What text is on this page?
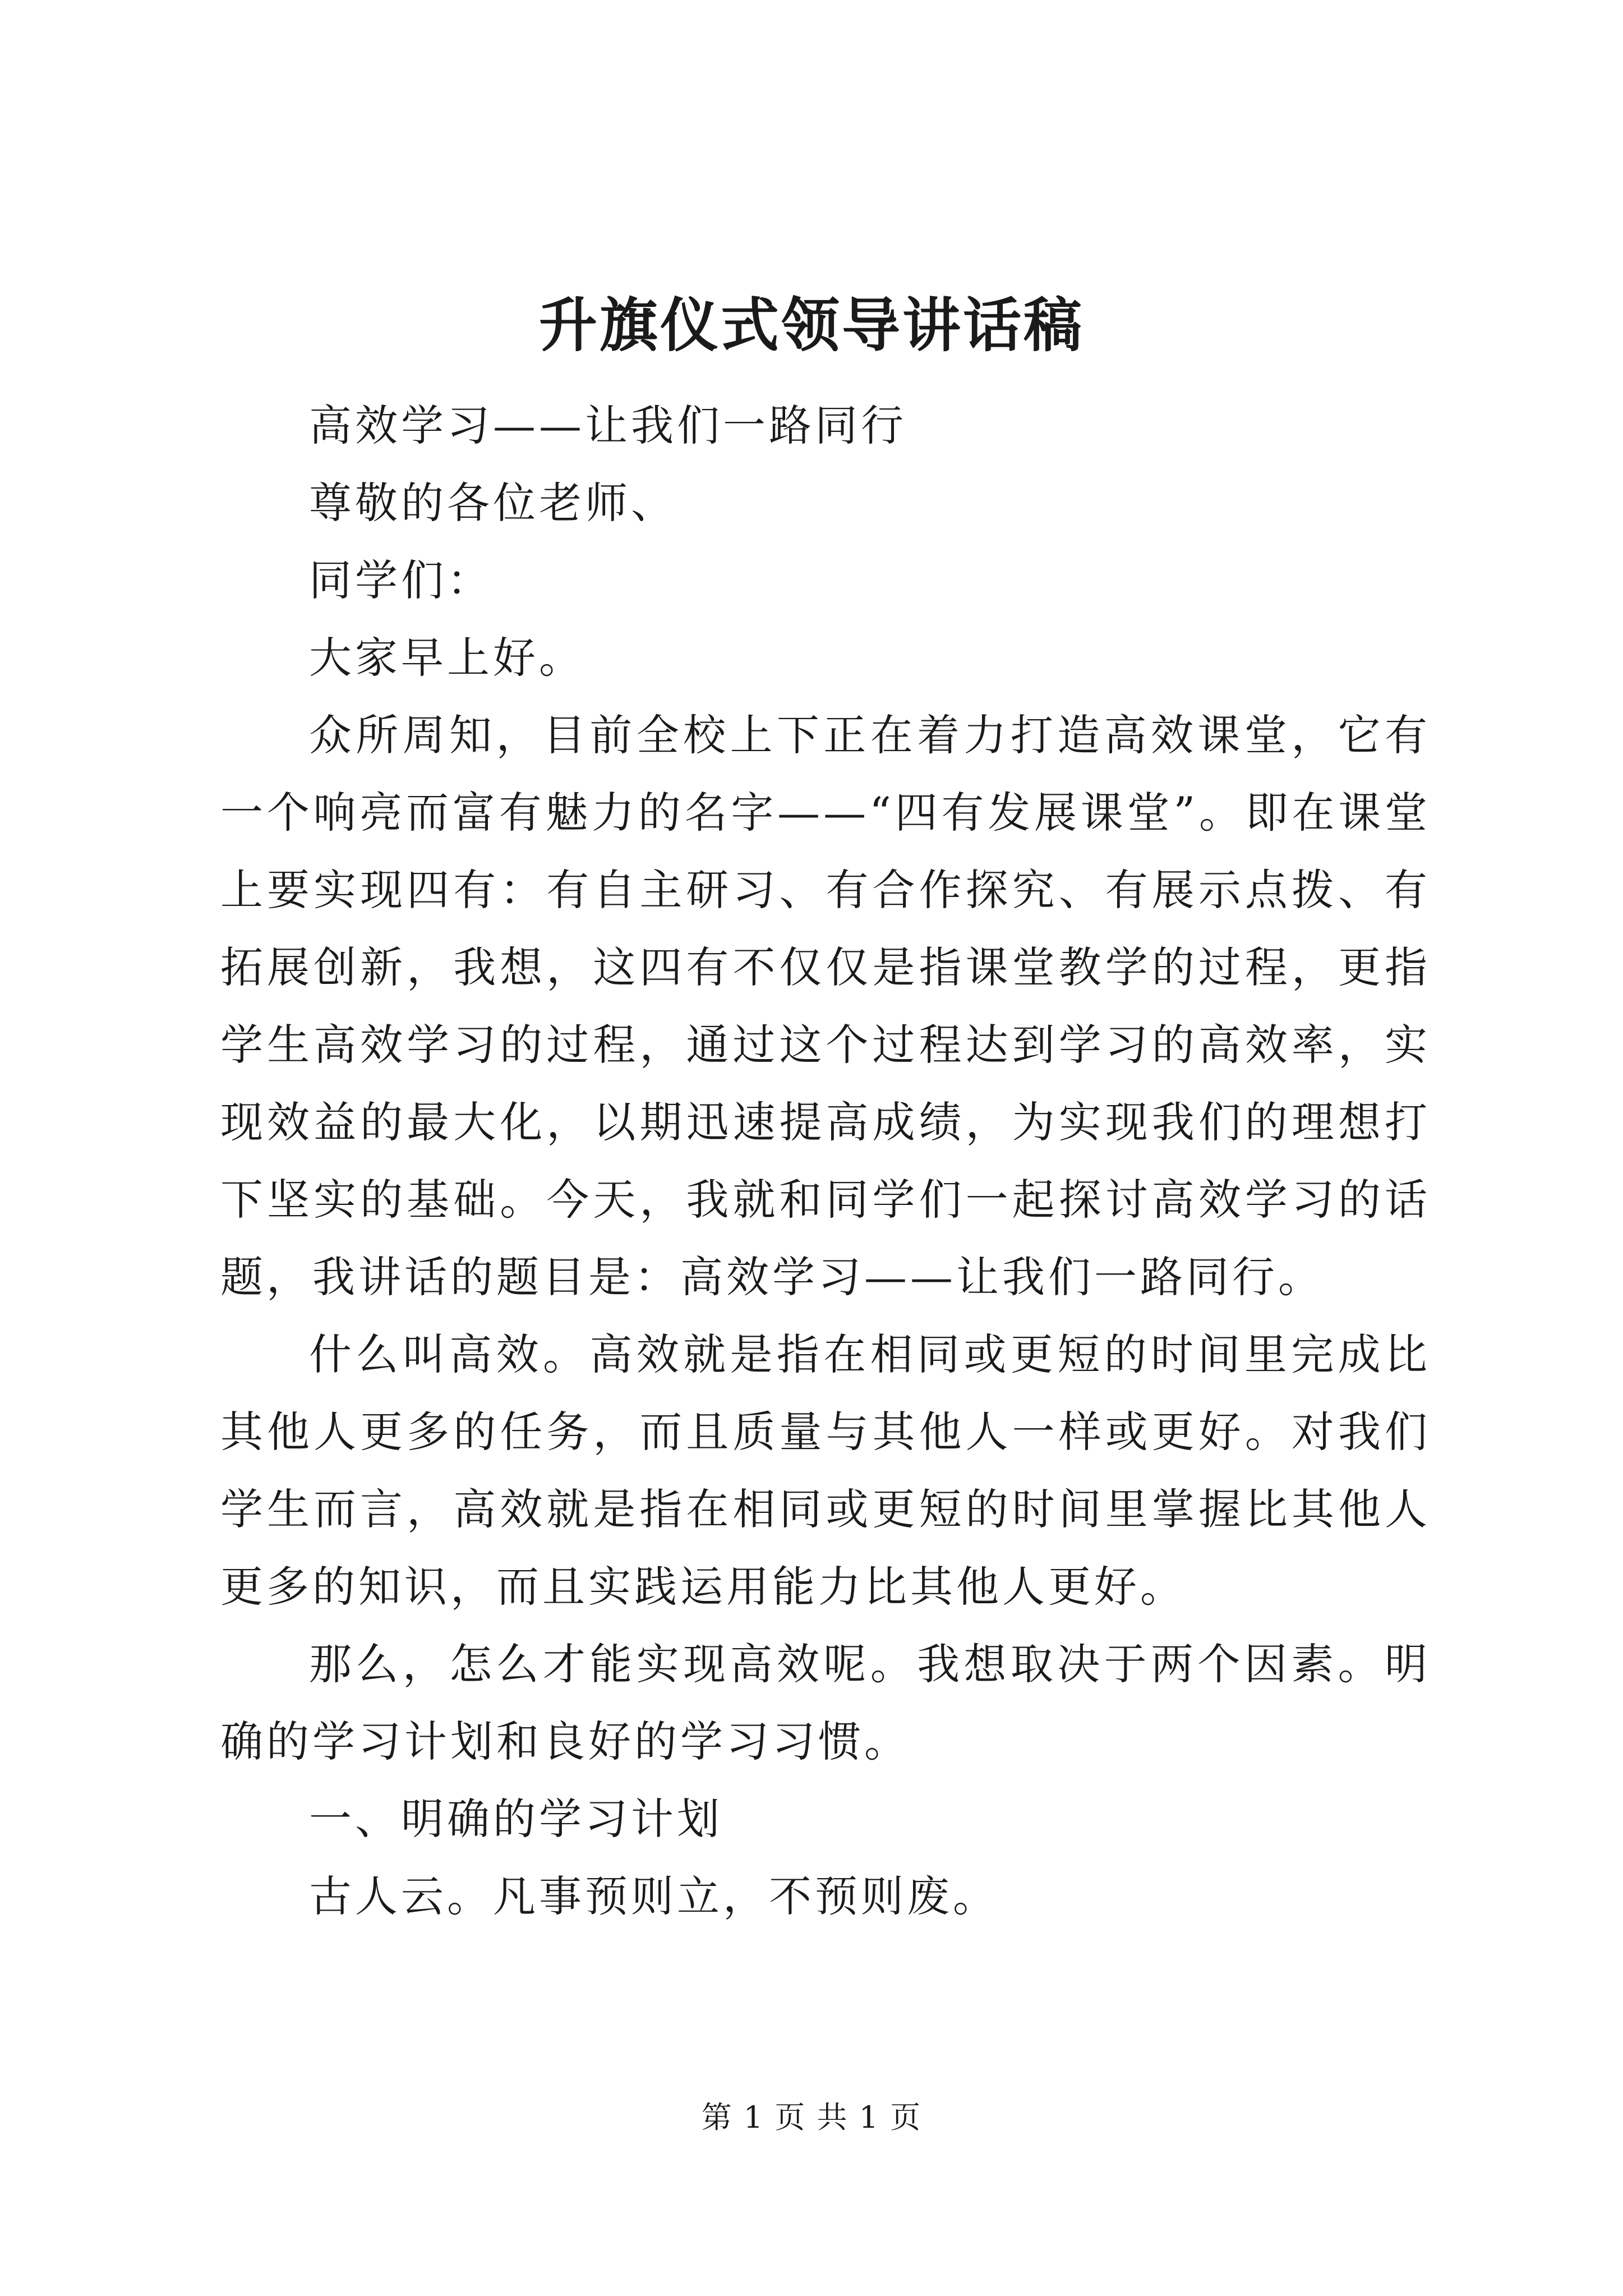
升旗仪式领导讲话稿

高效学习——让我们一路同行

尊敬的各位老师、

同学们：

大家早上好。

众所周知，目前全校上下正在着力打造高效课堂，它有一个响亮而富有魅力的名字——“四有发展课堂”。即在课堂上要实现四有：有自主研习、有合作探究、有展示点拨、有拓展创新，我想，这四有不仅仅是指课堂教学的过程，更指学生高效学习的过程，通过这个过程达到学习的高效率，实现效益的最大化，以期迅速提高成绩，为实现我们的理想打下坚实的基础。今天，我就和同学们一起探讨高效学习的话题，我讲话的题目是：高效学习——让我们一路同行。

什么叫高效。高效就是指在相同或更短的时间里完成比其他人更多的任务，而且质量与其他人一样或更好。对我们学生而言，高效就是指在相同或更短的时间里掌握比其他人更多的知识，而且实践运用能力比其他人更好。

那么，怎么才能实现高效呢。我想取决于两个因素。明确的学习计划和良好的学习习惯。

一、明确的学习计划

古人云。凡事预则立，不预则废。

第 1 页 共 1 页
